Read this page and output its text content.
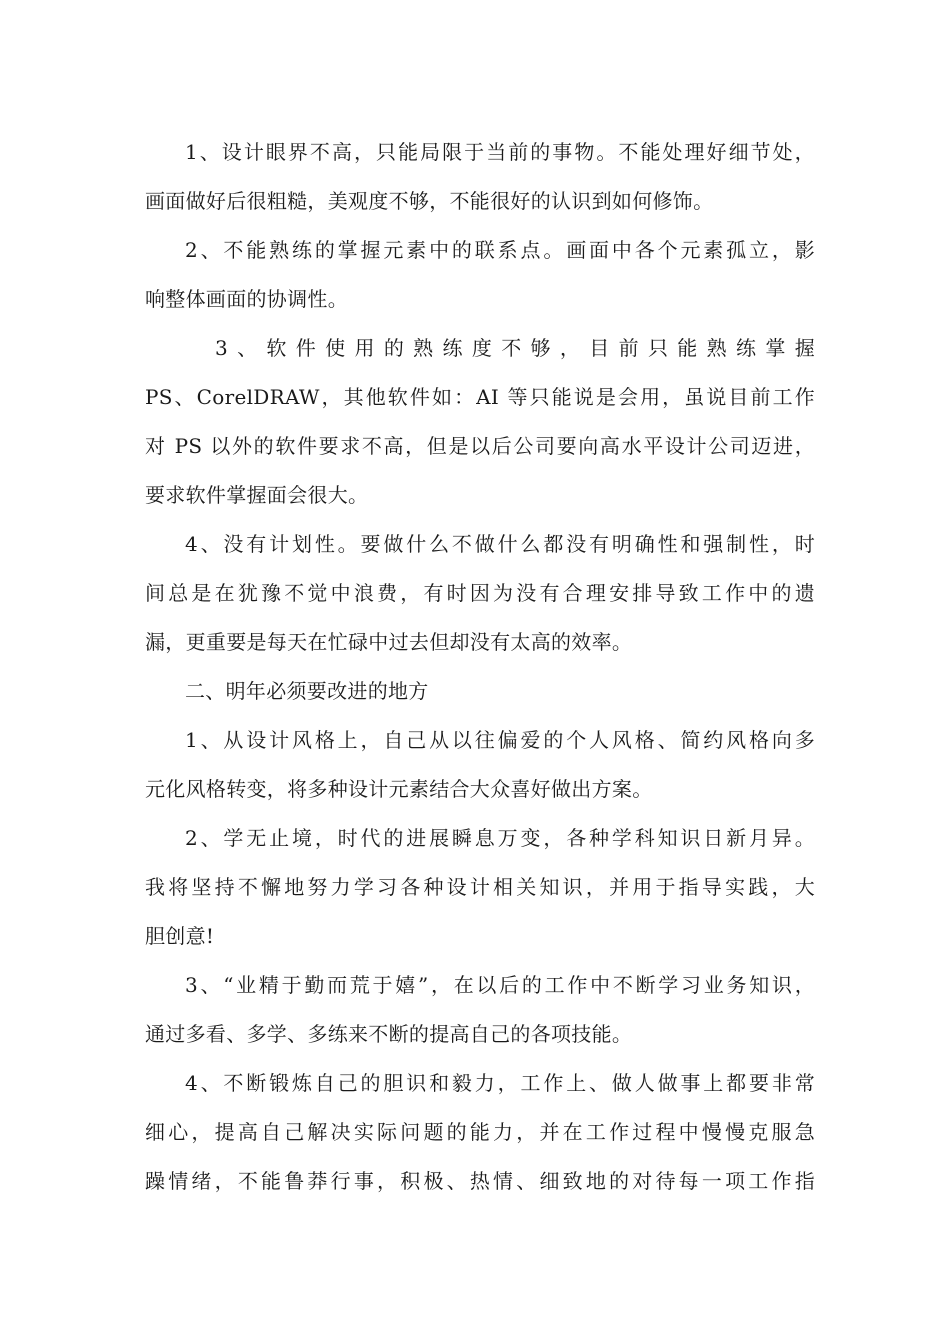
1、设计眼界不高，只能局限于当前的事物。不能处理好细节处，
画面做好后很粗糙，美观度不够，不能很好的认识到如何修饰。
2、不能熟练的掌握元素中的联系点。画面中各个元素孤立，影
响整体画面的协调性。
3、软件使用的熟练度不够，目前只能熟练掌握
PS、CorelDRAW，其他软件如：AI 等只能说是会用，虽说目前工作
对 PS 以外的软件要求不高，但是以后公司要向高水平设计公司迈进，
要求软件掌握面会很大。
4、没有计划性。要做什么不做什么都没有明确性和强制性，时
间总是在犹豫不觉中浪费，有时因为没有合理安排导致工作中的遗
漏，更重要是每天在忙碌中过去但却没有太高的效率。
二、明年必须要改进的地方
1、从设计风格上，自己从以往偏爱的个人风格、简约风格向多
元化风格转变，将多种设计元素结合大众喜好做出方案。
2、学无止境，时代的进展瞬息万变，各种学科知识日新月异。
我将坚持不懈地努力学习各种设计相关知识，并用于指导实践，大
胆创意!
3、“业精于勤而荒于嬉”，在以后的工作中不断学习业务知识，
通过多看、多学、多练来不断的提高自己的各项技能。
4、不断锻炼自己的胆识和毅力，工作上、做人做事上都要非常
细心，提高自己解决实际问题的能力，并在工作过程中慢慢克服急
躁情绪，不能鲁莽行事，积极、热情、细致地的对待每一项工作指
